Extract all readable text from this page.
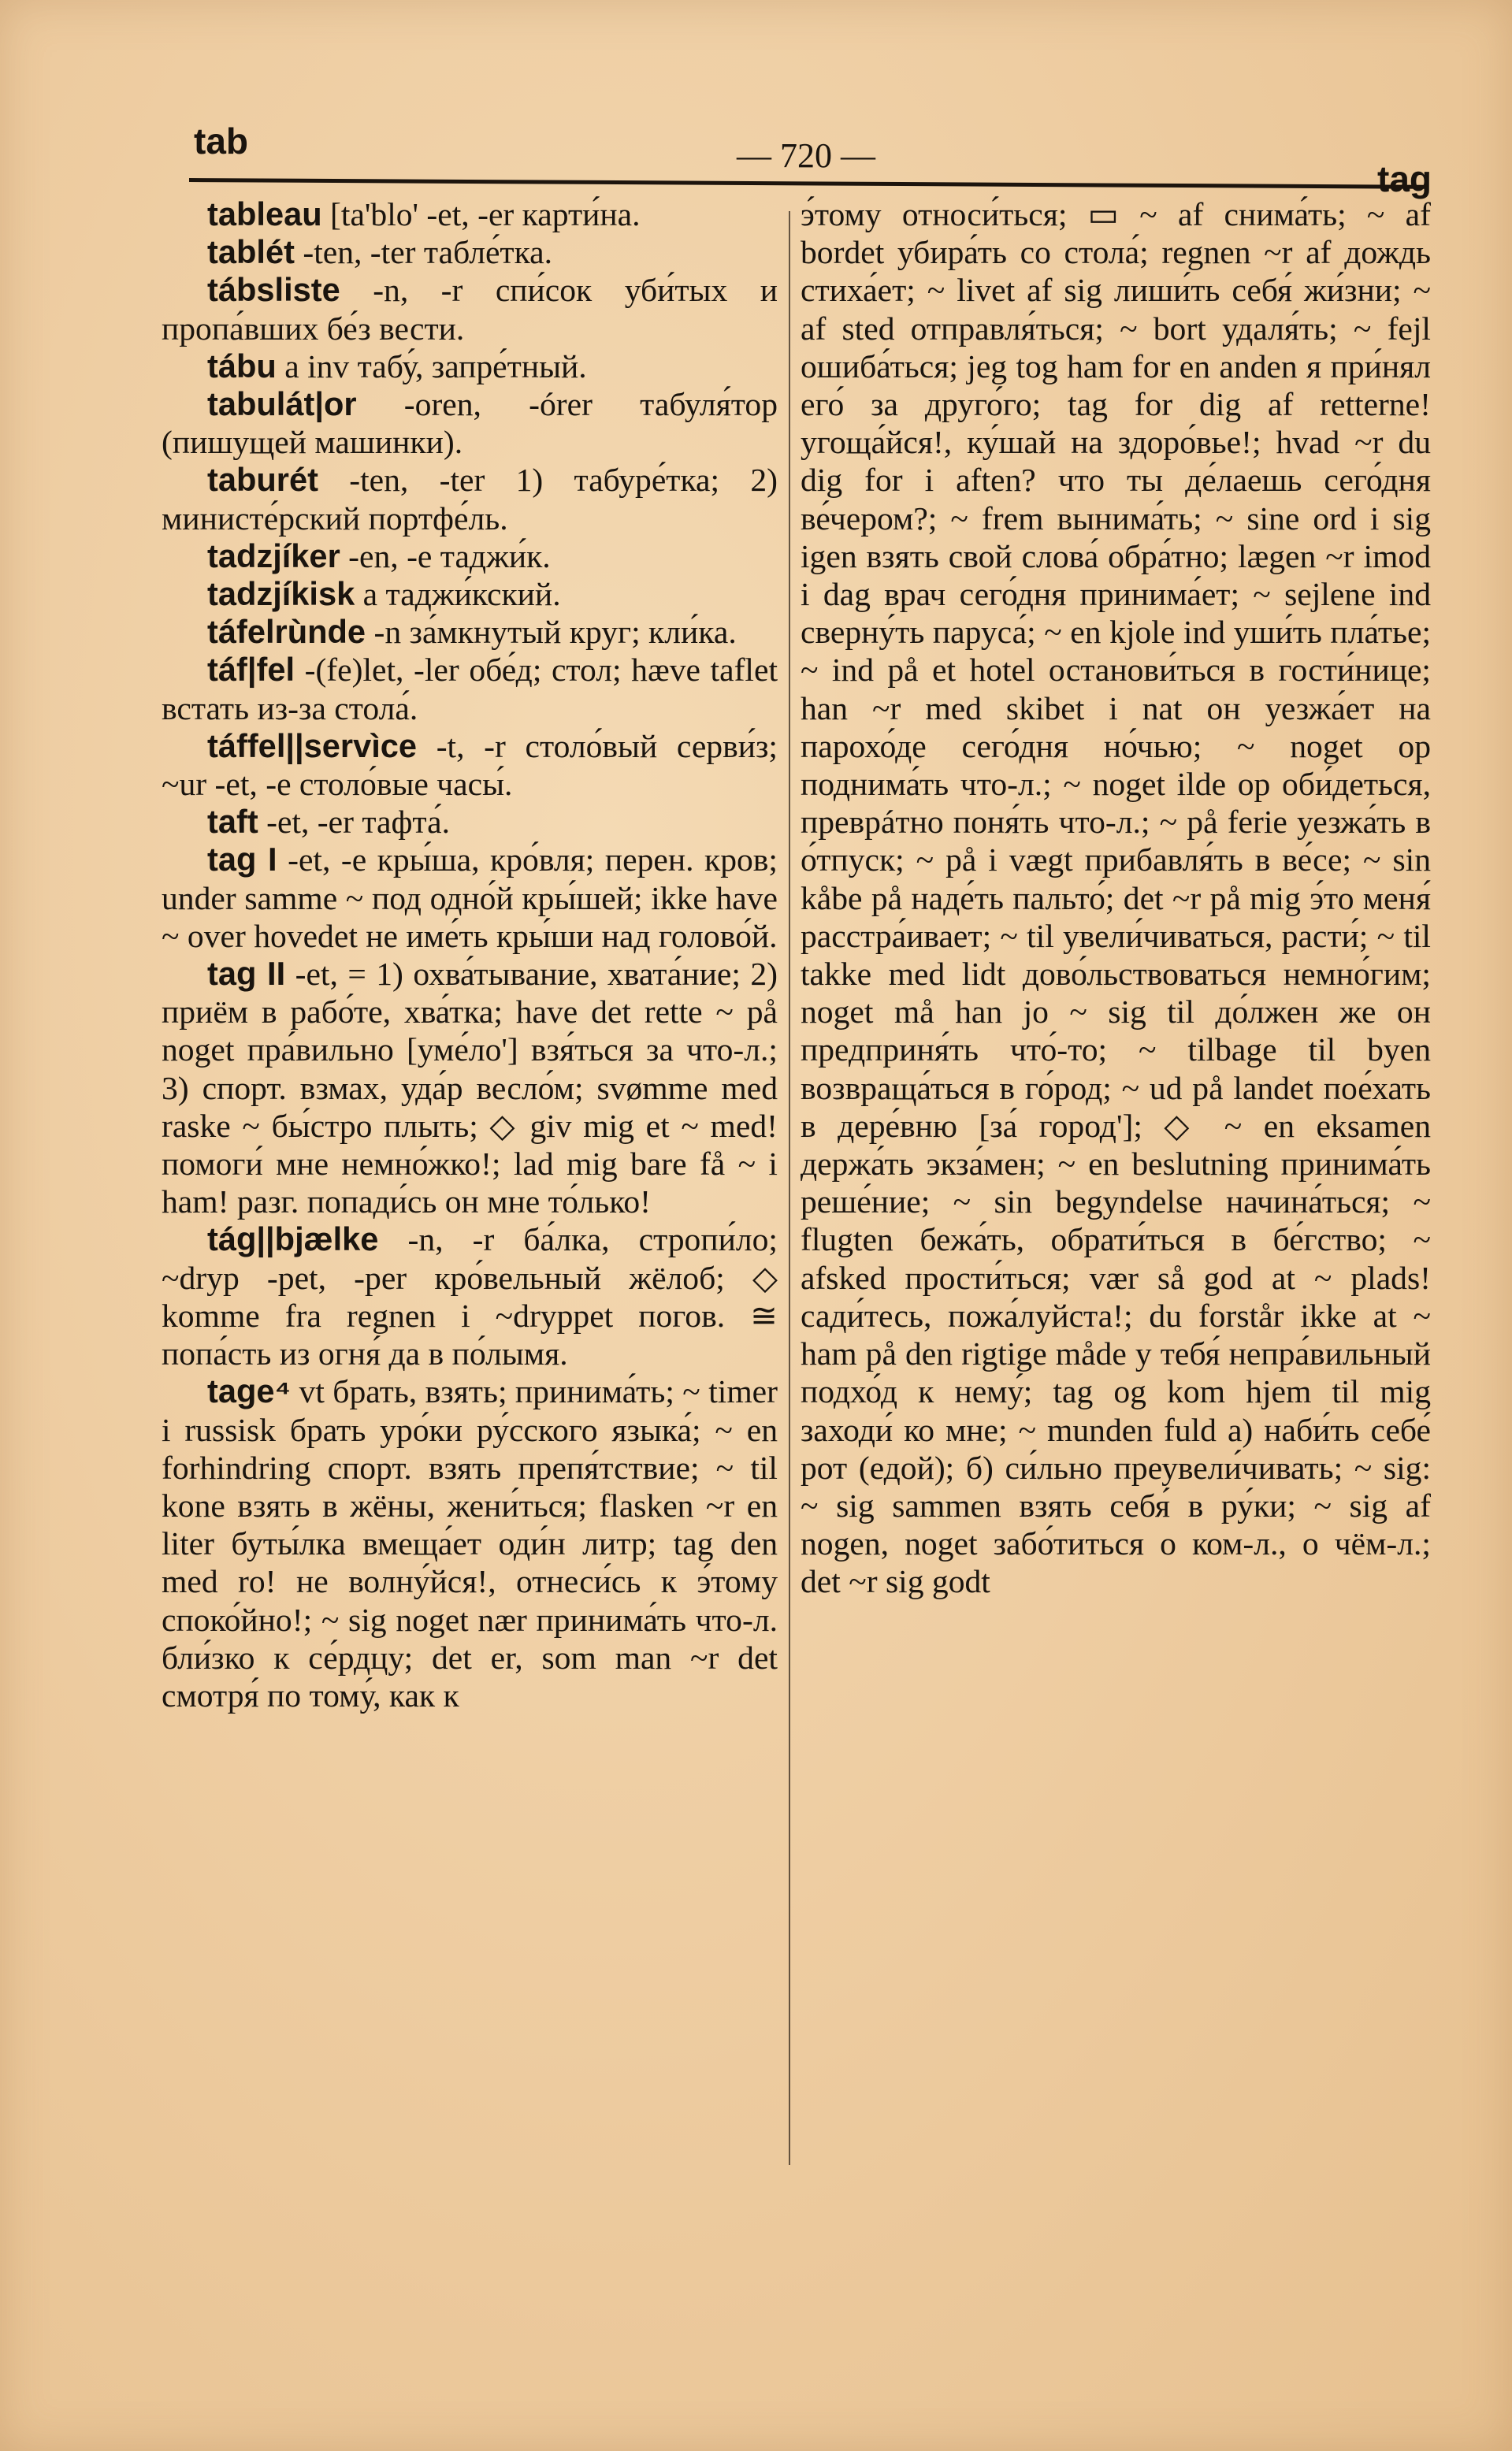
tab	— 720 —
tag

tableau [ta'blo' -et, -er карти́на.

tablét -ten, -ter табле́тка.

tábsliste -n, -r спи́сок уби́тых и пропа́вших бе́з вести.

tábu a inv табу́, запре́тный.

tabulát|or -oren, -órer табуля́тор (пишущей машинки).

taburét -ten, -ter 1) табуре́тка; 2) министе́рский портфе́ль.

tadzjíker -en, -e таджи́к.

tadzjíkisk a таджи́кский.

táfelrùnde -n за́мкнутый круг; кли́ка.

táf|fel -(fe)let, -ler обе́д; стол; hæve taflet встать из-за стола́.

táffel||servìce -t, -r столо́вый серви́з; ~ur -et, -e столо́вые часы́.

taft -et, -er тафта́.

tag I -et, -e кры́ша, кро́вля; перен. кров; under samme ~ под одно́й кры́шей; ikke have ~ over hovedet не име́ть кры́ши над голово́й.

tag II -et, = 1) охва́тывание, хвата́ние; 2) приём в рабо́те, хва́тка; have det rette ~ på noget пра́вильно [уме́ло'] взя́ться за что-л.; 3) спорт. взмах, уда́р весло́м; svømme med raske ~ бы́стро плыть; ◇ giv mig et ~ med! помоги́ мне немно́жко!; lad mig bare få ~ i ham! разг. попади́сь он мне то́лько!

tág||bjælke -n, -r ба́лка, стропи́ло; ~dryp -pet, -per кро́вельный жёлоб; ◇ komme fra regnen i ~dryppet погов. ≅ попа́сть из огня́ да в по́лымя.

tage⁴ vt брать, взять; принима́ть; ~ timer i russisk брать уро́ки ру́сского языка́; ~ en forhindring спорт. взять препя́тствие; ~ til kone взять в жёны, жени́ться; flasken ~r en liter буты́лка вмеща́ет оди́н литр; tag den med ro! не волну́йся!, отнеси́сь к э́тому споко́йно!; ~ sig noget nær принима́ть что-л. бли́зко к се́рдцу; det er, som man ~r det смотря́ по тому́, как к

э́тому относи́ться; ▭ ~ af снима́ть; ~ af bordet убира́ть со стола́; regnen ~r af дождь стиха́ет; ~ livet af sig лиши́ть себя́ жи́зни; ~ af sted отправля́ться; ~ bort удаля́ть; ~ fejl ошиба́ться; jeg tog ham for en anden я при́нял его́ за друго́го; tag for dig af retterne! угоща́йся!, ку́шай на здоро́вье!; hvad ~r du dig for i aften? что ты де́лаешь сего́дня ве́чером?; ~ frem вынима́ть; ~ sine ord i sig igen взять свой слова́ обра́тно; lægen ~r imod i dag врач сего́дня принима́ет; ~ sejlene ind сверну́ть паруса́; ~ en kjole ind уши́ть пла́тье; ~ ind på et hotel останови́ться в гости́нице; han ~r med skibet i nat он уезжа́ет на парохо́де сего́дня но́чью; ~ noget op поднима́ть что-л.; ~ noget ilde op оби́деться, преврáтно поня́ть что-л.; ~ på ferie уезжа́ть в о́тпуск; ~ på i vægt прибавля́ть в ве́се; ~ sin kåbe på наде́ть пальто́; det ~r på mig э́то меня́ расстра́ивает; ~ til увели́чиваться, расти́; ~ til takke med lidt дово́льствоваться немно́гим; noget må han jo ~ sig til до́лжен же он предприня́ть что́-то; ~ tilbage til byen возвраща́ться в го́род; ~ ud på landet пое́хать в дере́вню [за́ город']; ◇ ~ en eksamen держа́ть экза́мен; ~ en beslutning принима́ть реше́ние; ~ sin begyndelse начина́ться; ~ flugten бежа́ть, обрати́ться в бе́гство; ~ afsked прости́ться; vær så god at ~ plads! сади́тесь, пожа́луйста!; du forstår ikke at ~ ham på den rigtige måde у тебя́ непра́вильный подхо́д к нему́; tag og kom hjem til mig заходи́ ко мне; ~ munden fuld а) наби́ть себе́ рот (едой); б) си́льно преувели́чивать; ~ sig: ~ sig sammen взять себя́ в ру́ки; ~ sig af nogen, noget забо́титься о ком-л., о чём-л.; det ~r sig godt
